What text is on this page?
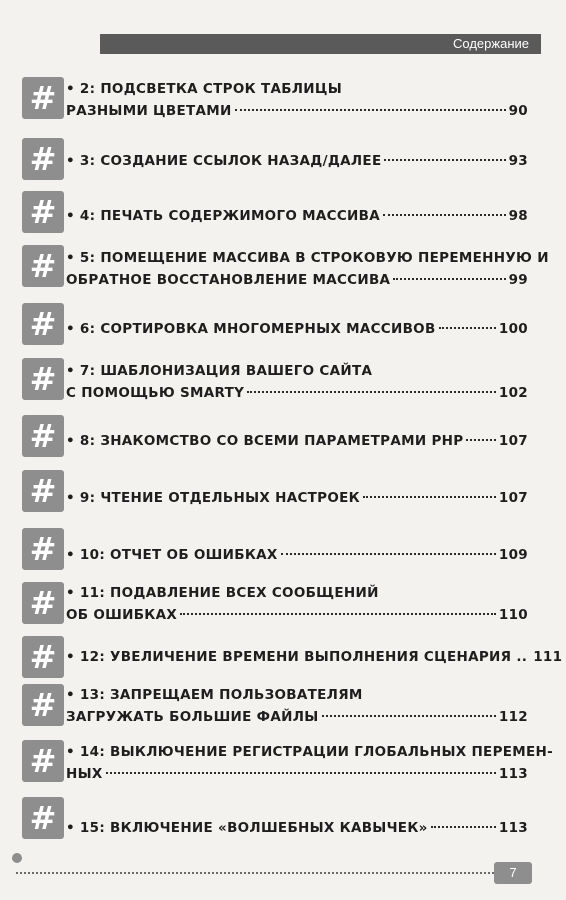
Содержание
# • 2: ПОДСВЕТКА СТРОК ТАБЛИЦЫ
РАЗНЫМИ ЦВЕТАМИ	90
# • 3: СОЗДАНИЕ ССЫЛОК НАЗАД/ДАЛЕЕ	93
# • 4: ПЕЧАТЬ СОДЕРЖИМОГО МАССИВА	98
# • 5: ПОМЕЩЕНИЕ МАССИВА В СТРОКОВУЮ ПЕРЕМЕННУЮ И
ОБРАТНОЕ ВОССТАНОВЛЕНИЕ МАССИВА	99
# • 6: СОРТИРОВКА МНОГОМЕРНЫХ МАССИВОВ	100
# • 7: ШАБЛОНИЗАЦИЯ ВАШЕГО САЙТА
С ПОМОЩЬЮ SMARTY	102
# • 8: ЗНАКОМСТВО СО ВСЕМИ ПАРАМЕТРАМИ PHP	107
# • 9: ЧТЕНИЕ ОТДЕЛЬНЫХ НАСТРОЕК	107
# • 10: ОТЧЕТ ОБ ОШИБКАХ	109
# • 11: ПОДАВЛЕНИЕ ВСЕХ СООБЩЕНИЙ
ОБ ОШИБКАХ	110
# • 12: УВЕЛИЧЕНИЕ ВРЕМЕНИ ВЫПОЛНЕНИЯ СЦЕНАРИЯ .. 111
# • 13: ЗАПРЕЩАЕМ ПОЛЬЗОВАТЕЛЯМ
ЗАГРУЖАТЬ БОЛЬШИЕ ФАЙЛЫ	112
# • 14: ВЫКЛЮЧЕНИЕ РЕГИСТРАЦИИ ГЛОБАЛЬНЫХ ПЕРЕМЕН-
НЫХ	113
# • 15: ВКЛЮЧЕНИЕ «ВОЛШЕБНЫХ КАВЫЧЕК»	113
7
